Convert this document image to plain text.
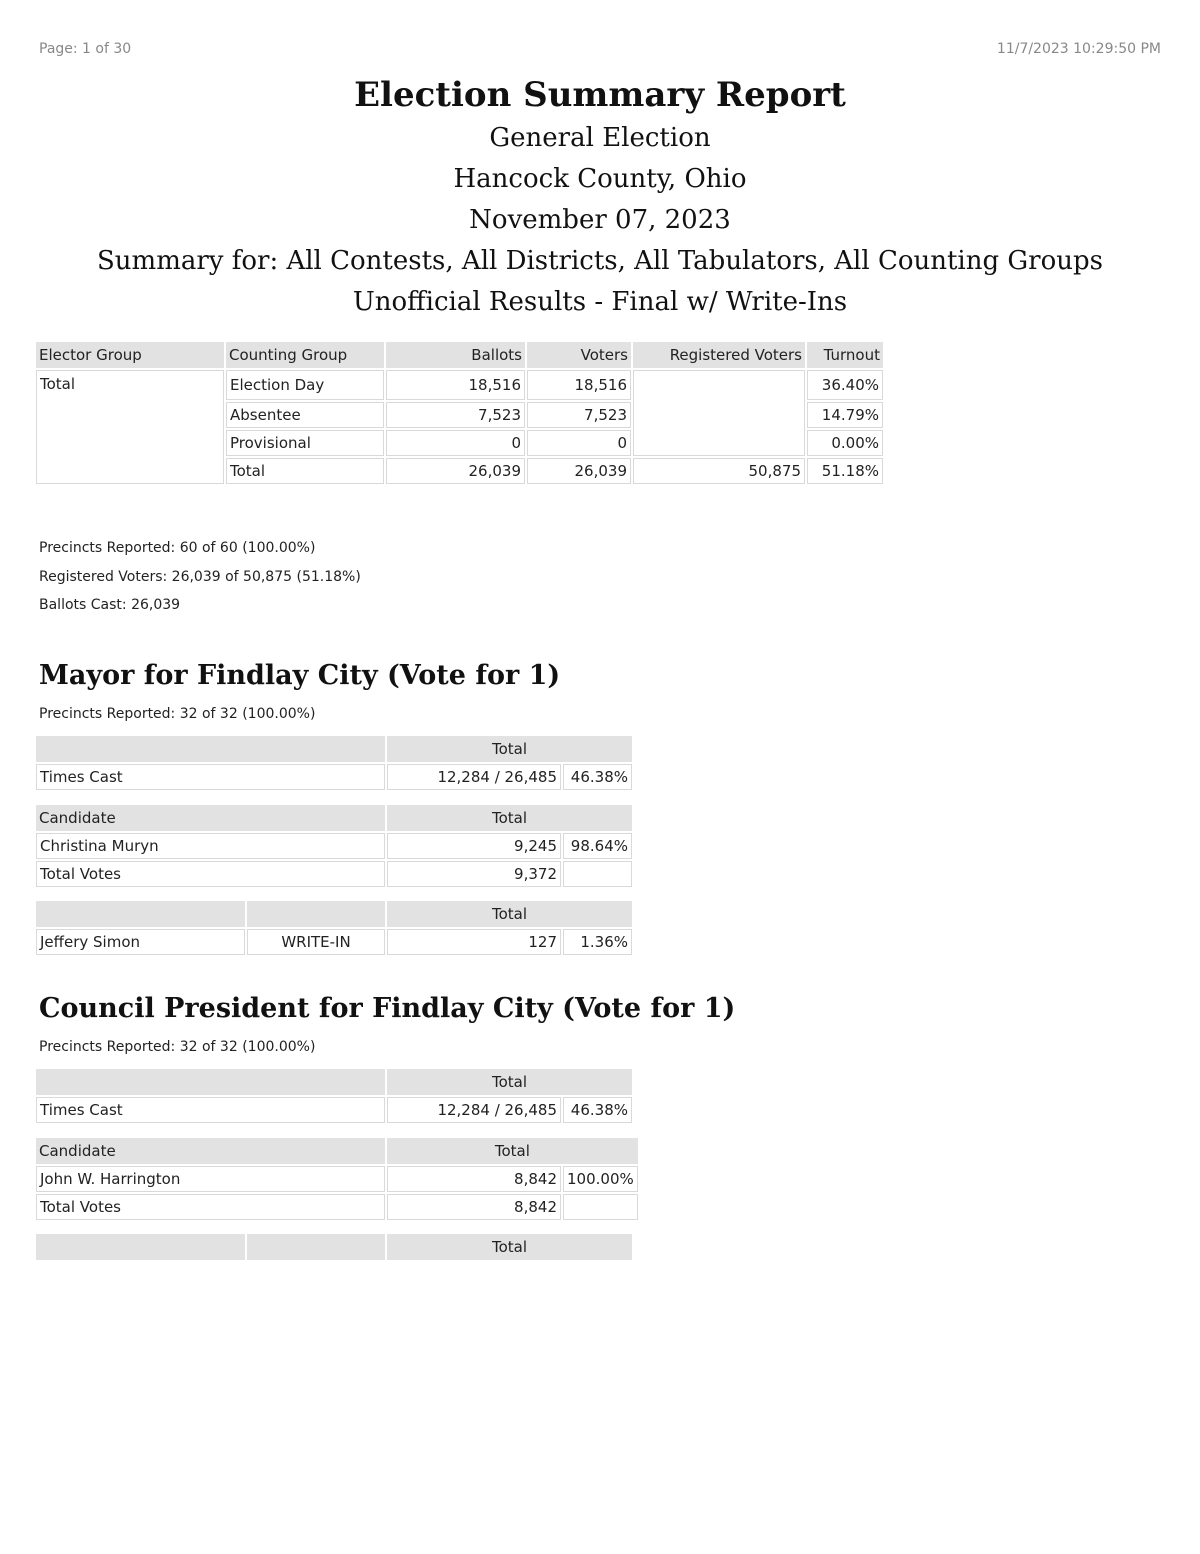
Page: 1 of 30	11/7/2023 10:29:50 PM

Election Summary Report

General Election

Hancock County, Ohio

November 07, 2023

Summary for: All Contests, All Districts, All Tabulators, All Counting Groups

Unofficial Results - Final w/ Write-Ins

Elector Group	Counting Group	Ballots	Voters	Registered Voters	Turnout
Total	Election Day	18,516	18,516		36.40%
	Absentee	7,523	7,523		14.79%
	Provisional	0	0		0.00%
	Total	26,039	26,039	50,875	51.18%
Precincts Reported: 60 of 60 (100.00%)
Registered Voters: 26,039 of 50,875 (51.18%)
Ballots Cast: 26,039
Mayor for Findlay City (Vote for 1)
Precincts Reported: 32 of 32 (100.00%)
	Total	
Times Cast	12,284 / 26,485	46.38%
Candidate	Total	
Christina Muryn	9,245	98.64%
Total Votes	9,372	
		Total	
Jeffery Simon	WRITE-IN	127	1.36%
Council President for Findlay City (Vote for 1)
Precincts Reported: 32 of 32 (100.00%)
	Total	
Times Cast	12,284 / 26,485	46.38%
Candidate	Total	
John W. Harrington	8,842	100.00%
Total Votes	8,842	
		Total
